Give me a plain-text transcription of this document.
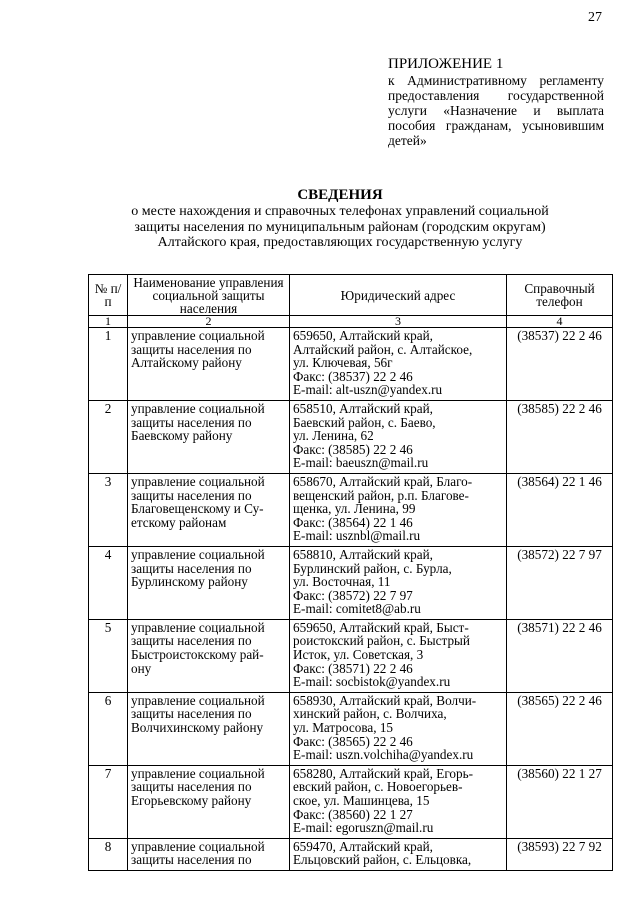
27
ПРИЛОЖЕНИЕ 1
к Административному регламенту предоставления государственной услуги «Назначение и выплата пособия гражданам, усыновившим детей»
СВЕДЕНИЯ
о месте нахождения и справочных телефонах управлений социальной защиты населения по муниципальным районам (городским округам) Алтайского края, предоставляющих государственную услугу
№ п/п	Наименование управления социальной защиты населения	Юридический адрес	Справочный телефон
1	2	3	4
1	управление социальной
защиты населения по
Алтайскому району	659650, Алтайский край,
Алтайский район, с. Алтайское,
ул. Ключевая, 56г
Факс: (38537) 22 2 46
E-mail: alt-uszn@yandex.ru	(38537) 22 2 46
2	управление социальной
защиты населения по
Баевскому району	658510, Алтайский край,
Баевский район, с. Баево,
ул. Ленина, 62
Факс: (38585) 22 2 46
E-mail: baeuszn@mail.ru	(38585) 22 2 46
3	управление социальной
защиты населения по
Благовещенскому и Су-
етскому районам	658670, Алтайский край, Благо-
вещенский район, р.п. Благове-
щенка, ул. Ленина, 99
Факс: (38564) 22 1 46
E-mail: usznbl@mail.ru	(38564) 22 1 46
4	управление социальной
защиты населения по
Бурлинскому району	658810, Алтайский край,
Бурлинский район, с. Бурла,
ул. Восточная, 11
Факс: (38572) 22 7 97
E-mail: comitet8@ab.ru	(38572) 22 7 97
5	управление социальной
защиты населения по
Быстроистокскому рай-
ону	659650, Алтайский край, Быст-
роистокский район, с. Быстрый
Исток, ул. Советская, 3
Факс: (38571) 22 2 46
E-mail: socbistok@yandex.ru	(38571) 22 2 46
6	управление социальной
защиты населения по
Волчихинскому району	658930, Алтайский край, Волчи-
хинский район, с. Волчиха,
ул. Матросова, 15
Факс: (38565) 22 2 46
E-mail: uszn.volchiha@yandex.ru	(38565) 22 2 46
7	управление социальной
защиты населения по
Егорьевскому району	658280, Алтайский край, Егорь-
евский район, с. Новоегорьев-
ское, ул. Машинцева, 15
Факс: (38560) 22 1 27
E-mail: egoruszn@mail.ru	(38560) 22 1 27
8	управление социальной
защиты населения по	659470, Алтайский край,
Ельцовский район, с. Ельцовка,	(38593) 22 7 92
